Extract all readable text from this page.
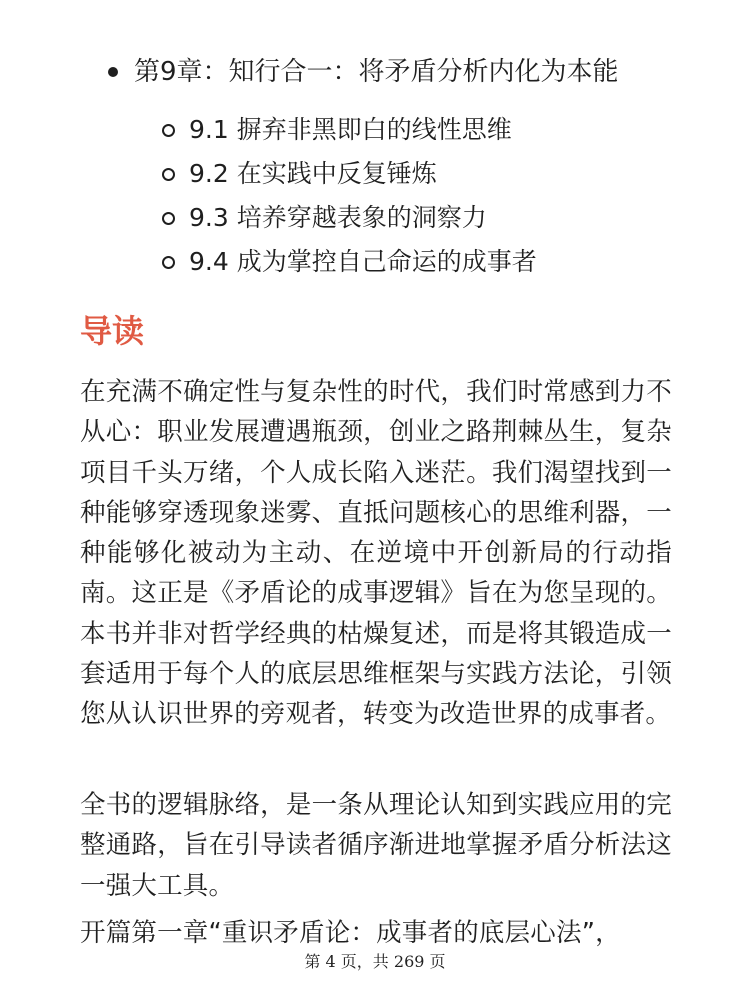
第9章：知行合一：将矛盾分析内化为本能
9.1 摒弃非黑即白的线性思维
9.2 在实践中反复锤炼
9.3 培养穿越表象的洞察力
9.4 成为掌控自己命运的成事者
导读

在充满不确定性与复杂性的时代，我们时常感到力不从心：职业发展遭遇瓶颈，创业之路荆棘丛生，复杂项目千头万绪，个人成长陷入迷茫。我们渴望找到一种能够穿透现象迷雾、直抵问题核心的思维利器，一种能够化被动为主动、在逆境中开创新局的行动指南。这正是《矛盾论的成事逻辑》旨在为您呈现的。本书并非对哲学经典的枯燥复述，而是将其锻造成一套适用于每个人的底层思维框架与实践方法论，引领您从认识世界的旁观者，转变为改造世界的成事者。

全书的逻辑脉络，是一条从理论认知到实践应用的完整通路，旨在引导读者循序渐进地掌握矛盾分析法这一强大工具。

开篇第一章“重识矛盾论：成事者的底层心法”，

第 4 页，共 269 页
